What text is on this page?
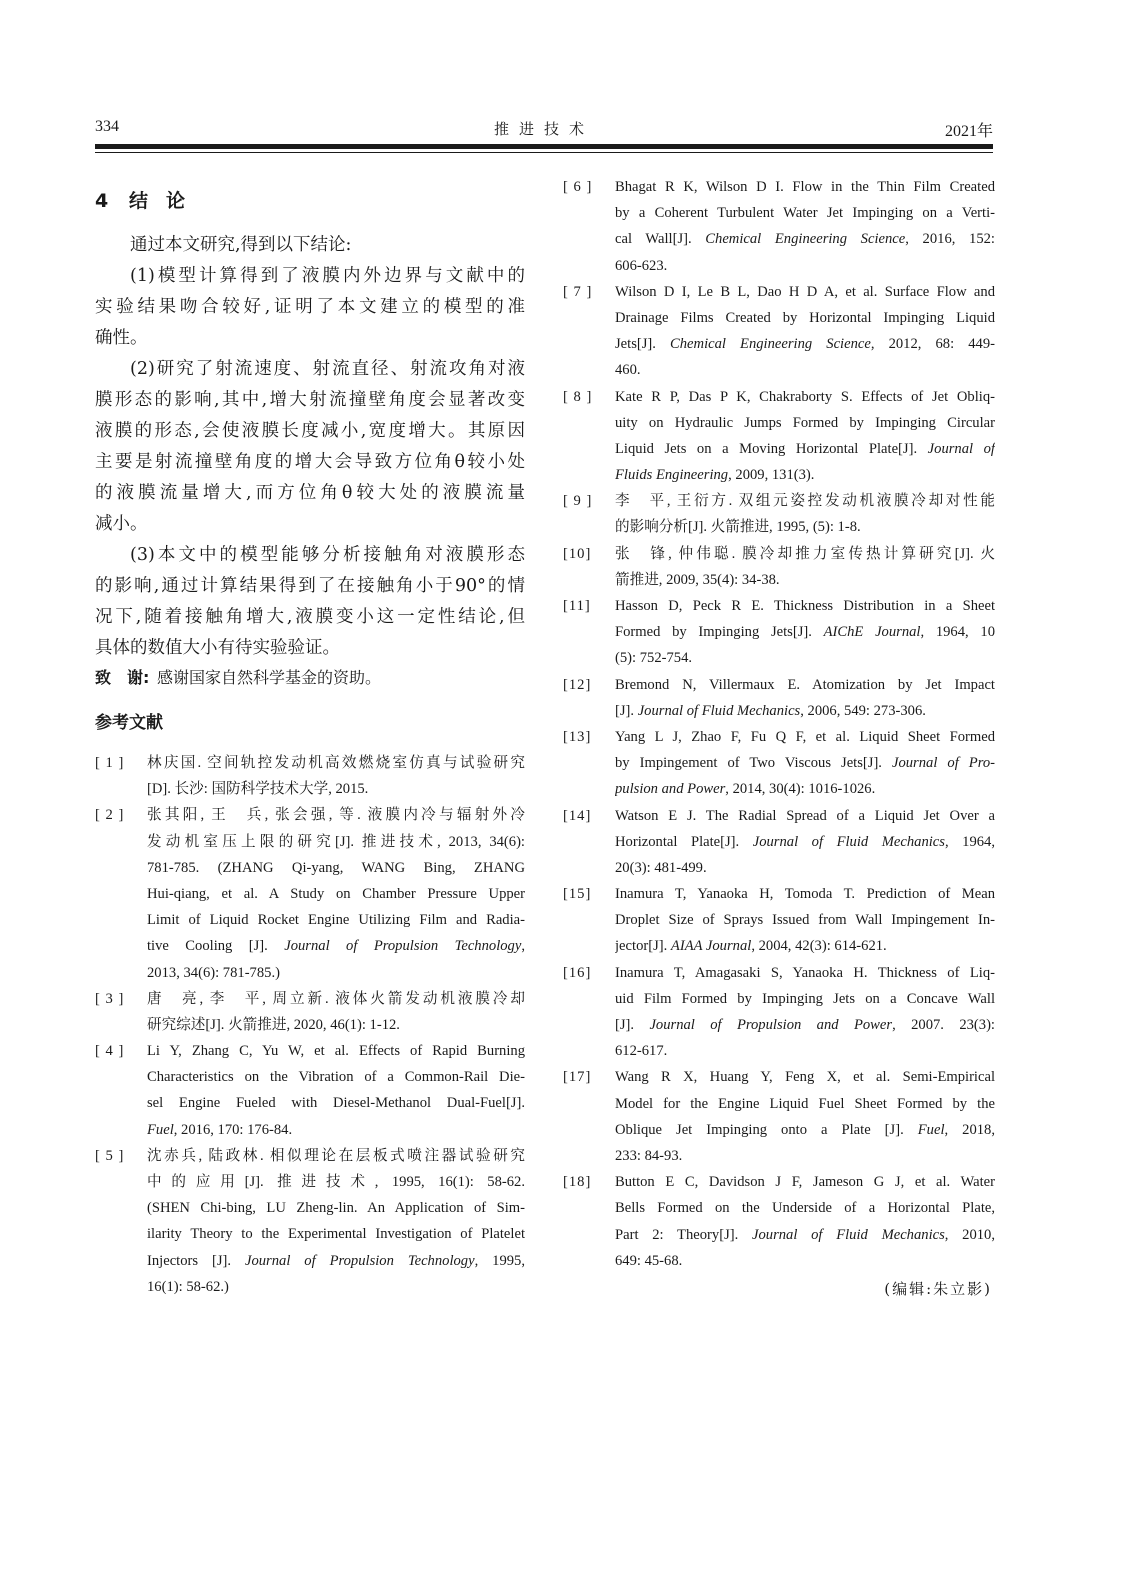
334	推进技术	2021年
4 结论
通过本文研究,得到以下结论:
(1)模型计算得到了液膜内外边界与文献中的
实验结果吻合较好,证明了本文建立的模型的准
确性。
(2)研究了射流速度、射流直径、射流攻角对液
膜形态的影响,其中,增大射流撞壁角度会显著改变
液膜的形态,会使液膜长度减小,宽度增大。其原因
主要是射流撞壁角度的增大会导致方位角θ较小处
的液膜流量增大,而方位角θ较大处的液膜流量
减小。
(3)本文中的模型能够分析接触角对液膜形态
的影响,通过计算结果得到了在接触角小于90°的情
况下,随着接触角增大,液膜变小这一定性结论,但
具体的数值大小有待实验验证。
致　谢: 感谢国家自然科学基金的资助。
参考文献
[ 1 ]	林庆国. 空间轨控发动机高效燃烧室仿真与试验研究
[D]. 长沙: 国防科学技术大学, 2015.
[ 2 ]	张其阳, 王　兵, 张会强, 等. 液膜内冷与辐射外冷
发动机室压上限的研究[J]. 推进技术, 2013, 34(6):
781-785. (ZHANG Qi-yang, WANG Bing, ZHANG
Hui-qiang, et al. A Study on Chamber Pressure Upper
Limit of Liquid Rocket Engine Utilizing Film and Radia-
tive Cooling [J]. Journal of Propulsion Technology,
2013, 34(6): 781-785.)
[ 3 ]	唐　亮, 李　平, 周立新. 液体火箭发动机液膜冷却
研究综述[J]. 火箭推进, 2020, 46(1): 1-12.
[ 4 ]	Li Y, Zhang C, Yu W, et al. Effects of Rapid Burning
Characteristics on the Vibration of a Common-Rail Die-
sel Engine Fueled with Diesel-Methanol Dual-Fuel[J].
Fuel, 2016, 170: 176-84.
[ 5 ]	沈赤兵, 陆政林. 相似理论在层板式喷注器试验研究
中的应用[J]. 推进技术, 1995, 16(1): 58-62.
(SHEN Chi-bing, LU Zheng-lin. An Application of Sim-
ilarity Theory to the Experimental Investigation of Platelet
Injectors [J]. Journal of Propulsion Technology, 1995,
16(1): 58-62.)
[ 6 ]	Bhagat R K, Wilson D I. Flow in the Thin Film Created
by a Coherent Turbulent Water Jet Impinging on a Verti-
cal Wall[J]. Chemical Engineering Science, 2016, 152:
606-623.
[ 7 ]	Wilson D I, Le B L, Dao H D A, et al. Surface Flow and
Drainage Films Created by Horizontal Impinging Liquid
Jets[J]. Chemical Engineering Science, 2012, 68: 449-
460.
[ 8 ]	Kate R P, Das P K, Chakraborty S. Effects of Jet Obliq-
uity on Hydraulic Jumps Formed by Impinging Circular
Liquid Jets on a Moving Horizontal Plate[J]. Journal of
Fluids Engineering, 2009, 131(3).
[ 9 ]	李　平, 王衍方. 双组元姿控发动机液膜冷却对性能
的影响分析[J]. 火箭推进, 1995, (5): 1-8.
[10]	张　锋, 仲伟聪. 膜冷却推力室传热计算研究[J]. 火
箭推进, 2009, 35(4): 34-38.
[11]	Hasson D, Peck R E. Thickness Distribution in a Sheet
Formed by Impinging Jets[J]. AIChE Journal, 1964, 10
(5): 752-754.
[12]	Bremond N, Villermaux E. Atomization by Jet Impact
[J]. Journal of Fluid Mechanics, 2006, 549: 273-306.
[13]	Yang L J, Zhao F, Fu Q F, et al. Liquid Sheet Formed
by Impingement of Two Viscous Jets[J]. Journal of Pro-
pulsion and Power, 2014, 30(4): 1016-1026.
[14]	Watson E J. The Radial Spread of a Liquid Jet Over a
Horizontal Plate[J]. Journal of Fluid Mechanics, 1964,
20(3): 481-499.
[15]	Inamura T, Yanaoka H, Tomoda T. Prediction of Mean
Droplet Size of Sprays Issued from Wall Impingement In-
jector[J]. AIAA Journal, 2004, 42(3): 614-621.
[16]	Inamura T, Amagasaki S, Yanaoka H. Thickness of Liq-
uid Film Formed by Impinging Jets on a Concave Wall
[J]. Journal of Propulsion and Power, 2007. 23(3):
612-617.
[17]	Wang R X, Huang Y, Feng X, et al. Semi-Empirical
Model for the Engine Liquid Fuel Sheet Formed by the
Oblique Jet Impinging onto a Plate [J]. Fuel, 2018,
233: 84-93.
[18]	Button E C, Davidson J F, Jameson G J, et al. Water
Bells Formed on the Underside of a Horizontal Plate,
Part 2: Theory[J]. Journal of Fluid Mechanics, 2010,
649: 45-68.
(编辑:朱立影)
